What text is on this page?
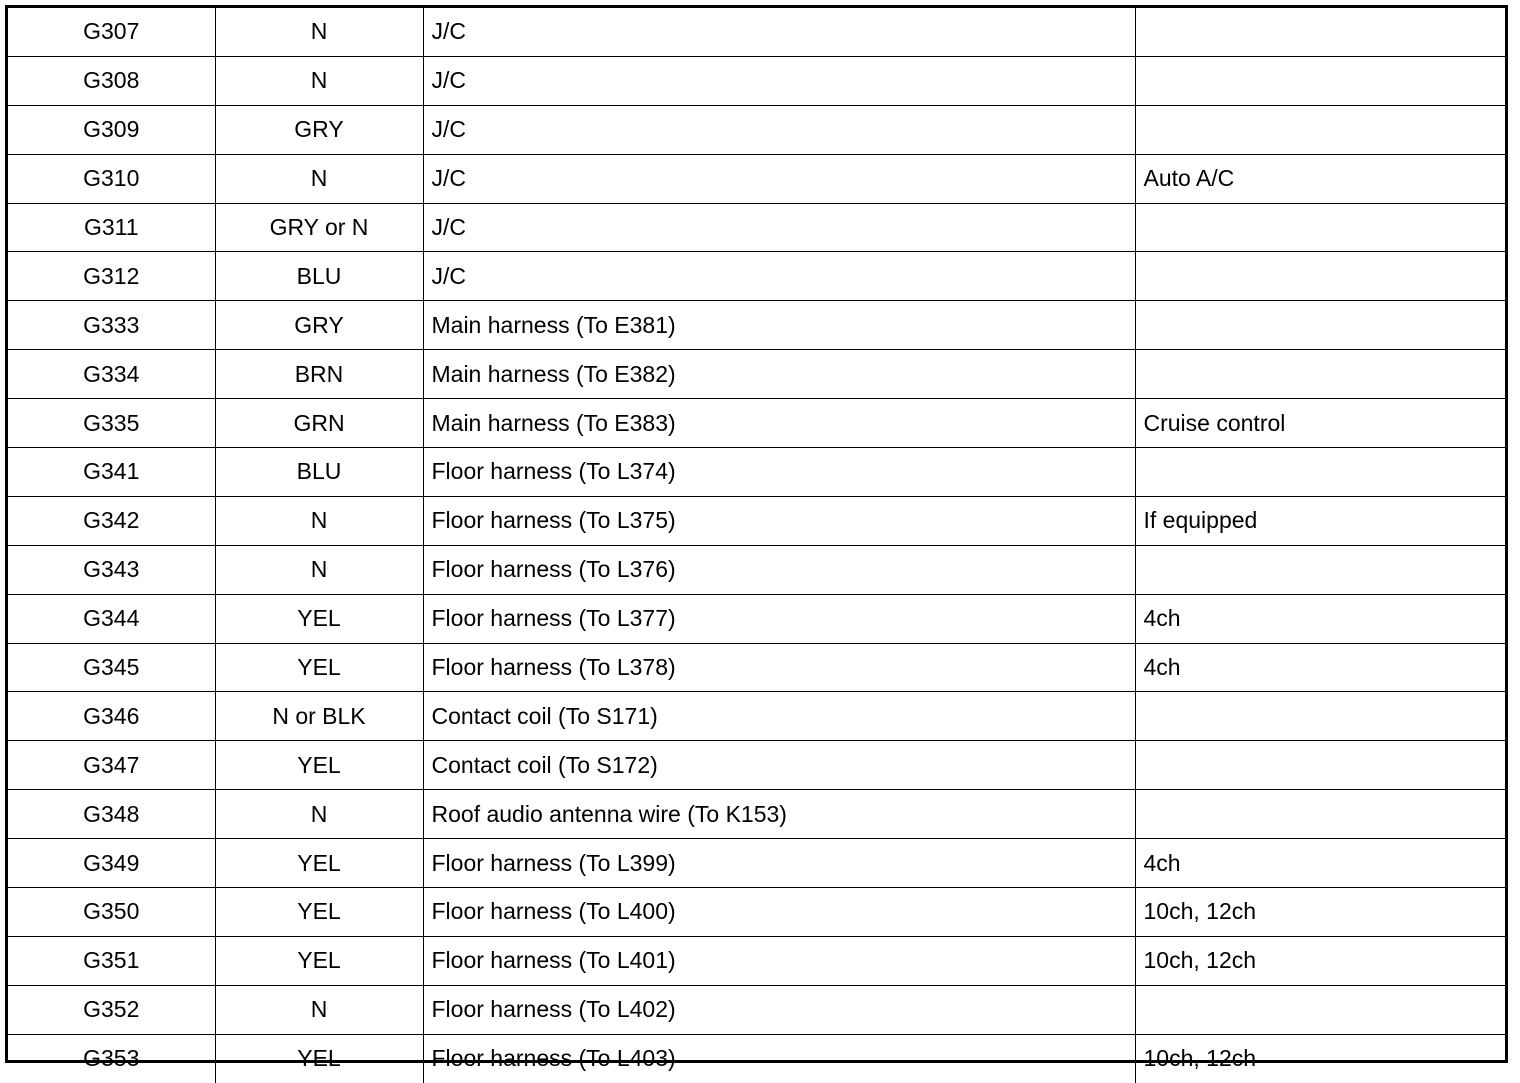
G307	N	J/C	
G308	N	J/C	
G309	GRY	J/C	
G310	N	J/C	Auto A/C
G311	GRY or N	J/C	
G312	BLU	J/C	
G333	GRY	Main harness (To E381)	
G334	BRN	Main harness (To E382)	
G335	GRN	Main harness (To E383)	Cruise control
G341	BLU	Floor harness (To L374)	
G342	N	Floor harness (To L375)	If equipped
G343	N	Floor harness (To L376)	
G344	YEL	Floor harness (To L377)	4ch
G345	YEL	Floor harness (To L378)	4ch
G346	N or BLK	Contact coil (To S171)	
G347	YEL	Contact coil (To S172)	
G348	N	Roof audio antenna wire (To K153)	
G349	YEL	Floor harness (To L399)	4ch
G350	YEL	Floor harness (To L400)	10ch, 12ch
G351	YEL	Floor harness (To L401)	10ch, 12ch
G352	N	Floor harness (To L402)	
G353	YEL	Floor harness (To L403)	10ch, 12ch
